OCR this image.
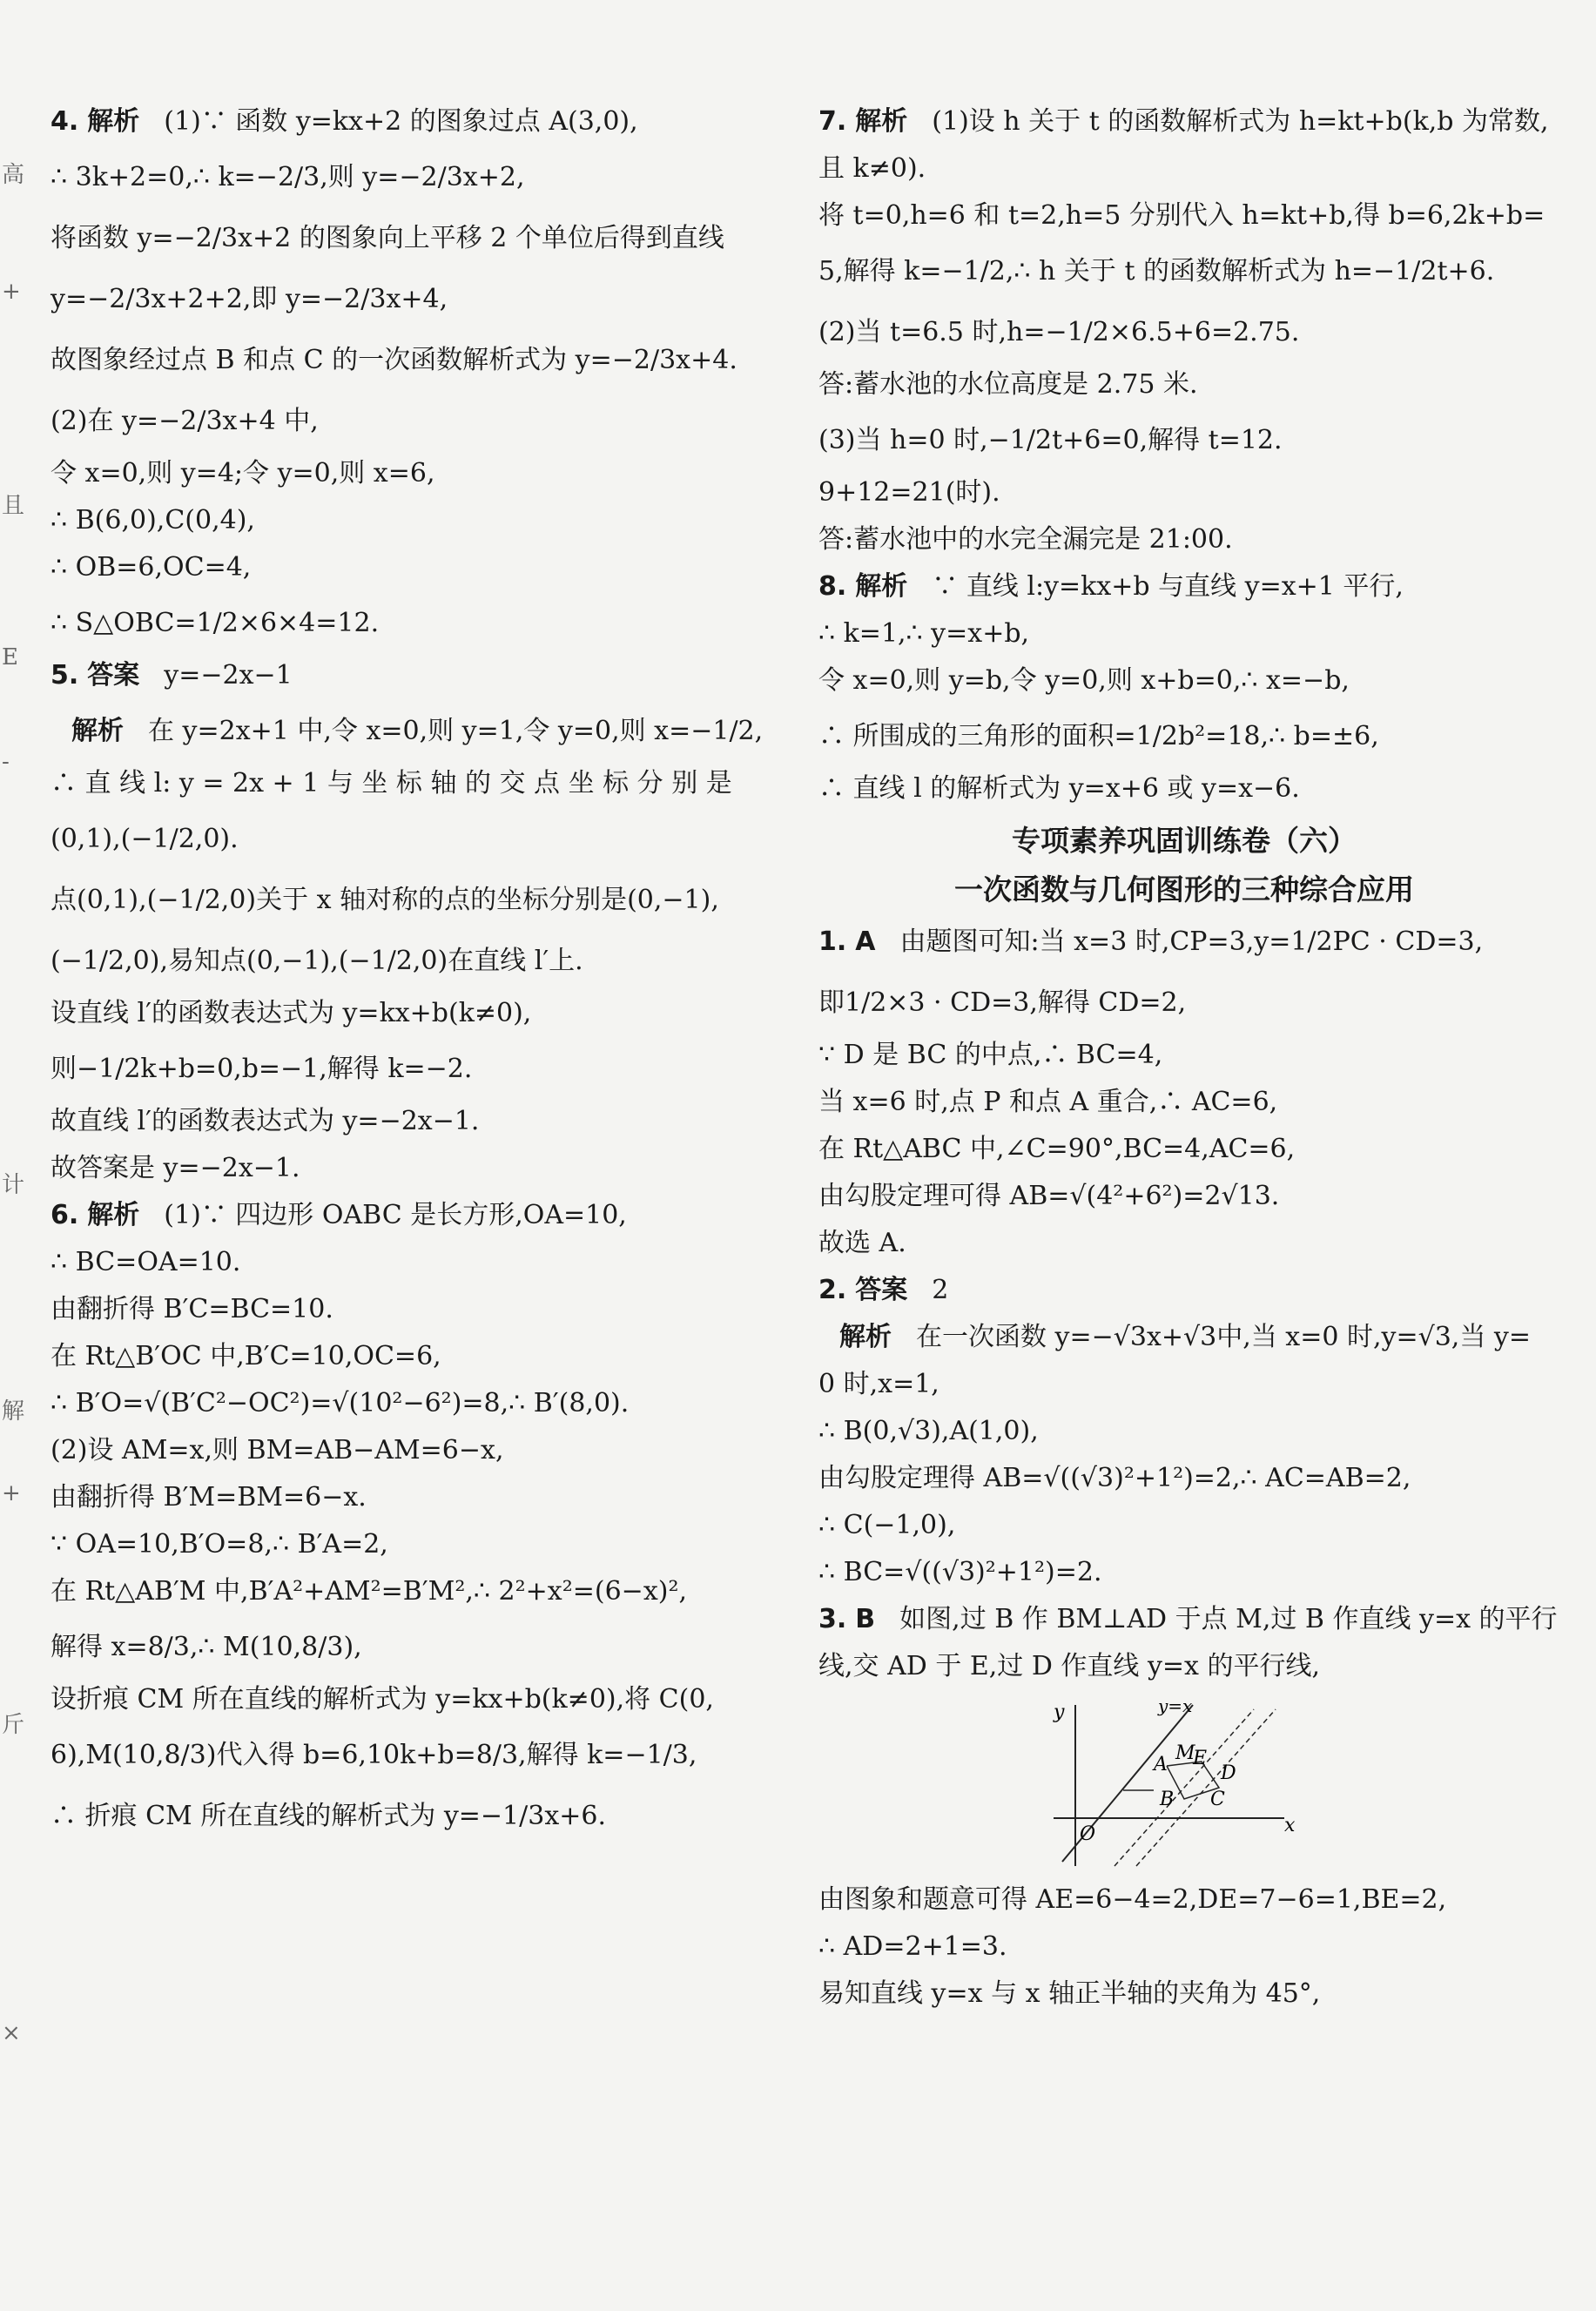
高
+
且
E
-
计
解
+
斤
×
4. 解析 (1)∵ 函数 y=kx+2 的图象过点 A(3,0),
∴ 3k+2=0,∴ k=−2/3,则 y=−2/3x+2,
将函数 y=−2/3x+2 的图象向上平移 2 个单位后得到直线
y=−2/3x+2+2,即 y=−2/3x+4,
故图象经过点 B 和点 C 的一次函数解析式为 y=−2/3x+4.
(2)在 y=−2/3x+4 中,
令 x=0,则 y=4;令 y=0,则 x=6,
∴ B(6,0),C(0,4),
∴ OB=6,OC=4,
∴ S△OBC=1/2×6×4=12.
5. 答案 y=−2x−1
解析 在 y=2x+1 中,令 x=0,则 y=1,令 y=0,则 x=−1/2,
∴ 直 线 l: y = 2x + 1 与 坐 标 轴 的 交 点 坐 标 分 别 是
(0,1),(−1/2,0).
点(0,1),(−1/2,0)关于 x 轴对称的点的坐标分别是(0,−1),
(−1/2,0),易知点(0,−1),(−1/2,0)在直线 l′上.
设直线 l′的函数表达式为 y=kx+b(k≠0),
则−1/2k+b=0,b=−1,解得 k=−2.
故直线 l′的函数表达式为 y=−2x−1.
故答案是 y=−2x−1.
6. 解析 (1)∵ 四边形 OABC 是长方形,OA=10,
∴ BC=OA=10.
由翻折得 B′C=BC=10.
在 Rt△B′OC 中,B′C=10,OC=6,
∴ B′O=√(B′C²−OC²)=√(10²−6²)=8,∴ B′(8,0).
(2)设 AM=x,则 BM=AB−AM=6−x,
由翻折得 B′M=BM=6−x.
∵ OA=10,B′O=8,∴ B′A=2,
在 Rt△AB′M 中,B′A²+AM²=B′M²,∴ 2²+x²=(6−x)²,
解得 x=8/3,∴ M(10,8/3),
设折痕 CM 所在直线的解析式为 y=kx+b(k≠0),将 C(0,
6),M(10,8/3)代入得 b=6,10k+b=8/3,解得 k=−1/3,
∴ 折痕 CM 所在直线的解析式为 y=−1/3x+6.
7. 解析 (1)设 h 关于 t 的函数解析式为 h=kt+b(k,b 为常数,
且 k≠0).
将 t=0,h=6 和 t=2,h=5 分别代入 h=kt+b,得 b=6,2k+b=
5,解得 k=−1/2,∴ h 关于 t 的函数解析式为 h=−1/2t+6.
(2)当 t=6.5 时,h=−1/2×6.5+6=2.75.
答:蓄水池的水位高度是 2.75 米.
(3)当 h=0 时,−1/2t+6=0,解得 t=12.
9+12=21(时).
答:蓄水池中的水完全漏完是 21:00.
8. 解析 ∵ 直线 l:y=kx+b 与直线 y=x+1 平行,
∴ k=1,∴ y=x+b,
令 x=0,则 y=b,令 y=0,则 x+b=0,∴ x=−b,
∴ 所围成的三角形的面积=1/2b²=18,∴ b=±6,
∴ 直线 l 的解析式为 y=x+6 或 y=x−6.
专项素养巩固训练卷（六）
一次函数与几何图形的三种综合应用
1. A 由题图可知:当 x=3 时,CP=3,y=1/2PC · CD=3,
即1/2×3 · CD=3,解得 CD=2,
∵ D 是 BC 的中点,∴ BC=4,
当 x=6 时,点 P 和点 A 重合,∴ AC=6,
在 Rt△ABC 中,∠C=90°,BC=4,AC=6,
由勾股定理可得 AB=√(4²+6²)=2√13.
故选 A.
2. 答案 2
解析 在一次函数 y=−√3x+√3中,当 x=0 时,y=√3,当 y=
0 时,x=1,
∴ B(0,√3),A(1,0),
由勾股定理得 AB=√((√3)²+1²)=2,∴ AC=AB=2,
∴ C(−1,0),
∴ BC=√((√3)²+1²)=2.
3. B 如图,过 B 作 BM⊥AD 于点 M,过 B 作直线 y=x 的平行
线,交 AD 于 E,过 D 作直线 y=x 的平行线,
y	y=x
x
O
A
M
E
D
B C
由图象和题意可得 AE=6−4=2,DE=7−6=1,BE=2,
∴ AD=2+1=3.
易知直线 y=x 与 x 轴正半轴的夹角为 45°,
